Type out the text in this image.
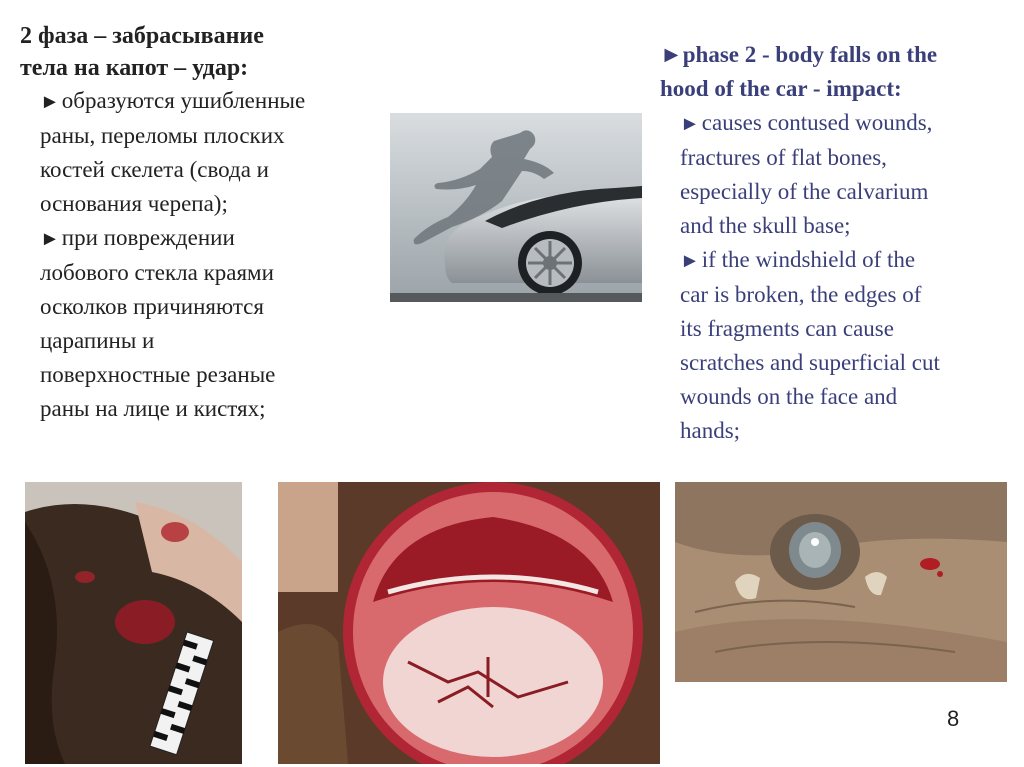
2 фаза – забрасывание

тела на капот – удар:

►образуются ушибленные
раны, переломы плоских
костей скелета (свода и
основания черепа);

►при повреждении
лобового стекла краями
осколков причиняются
царапины и
поверхностные резаные
раны на лице и кистях;

►phase 2 - body falls on the

hood of the car - impact:

►causes contused wounds,
fractures of flat bones,
especially of the calvarium
and the skull base;

►if the windshield of the
car is broken, the edges of
its fragments can cause
scratches and superficial cut
wounds on the face and
hands;

8
